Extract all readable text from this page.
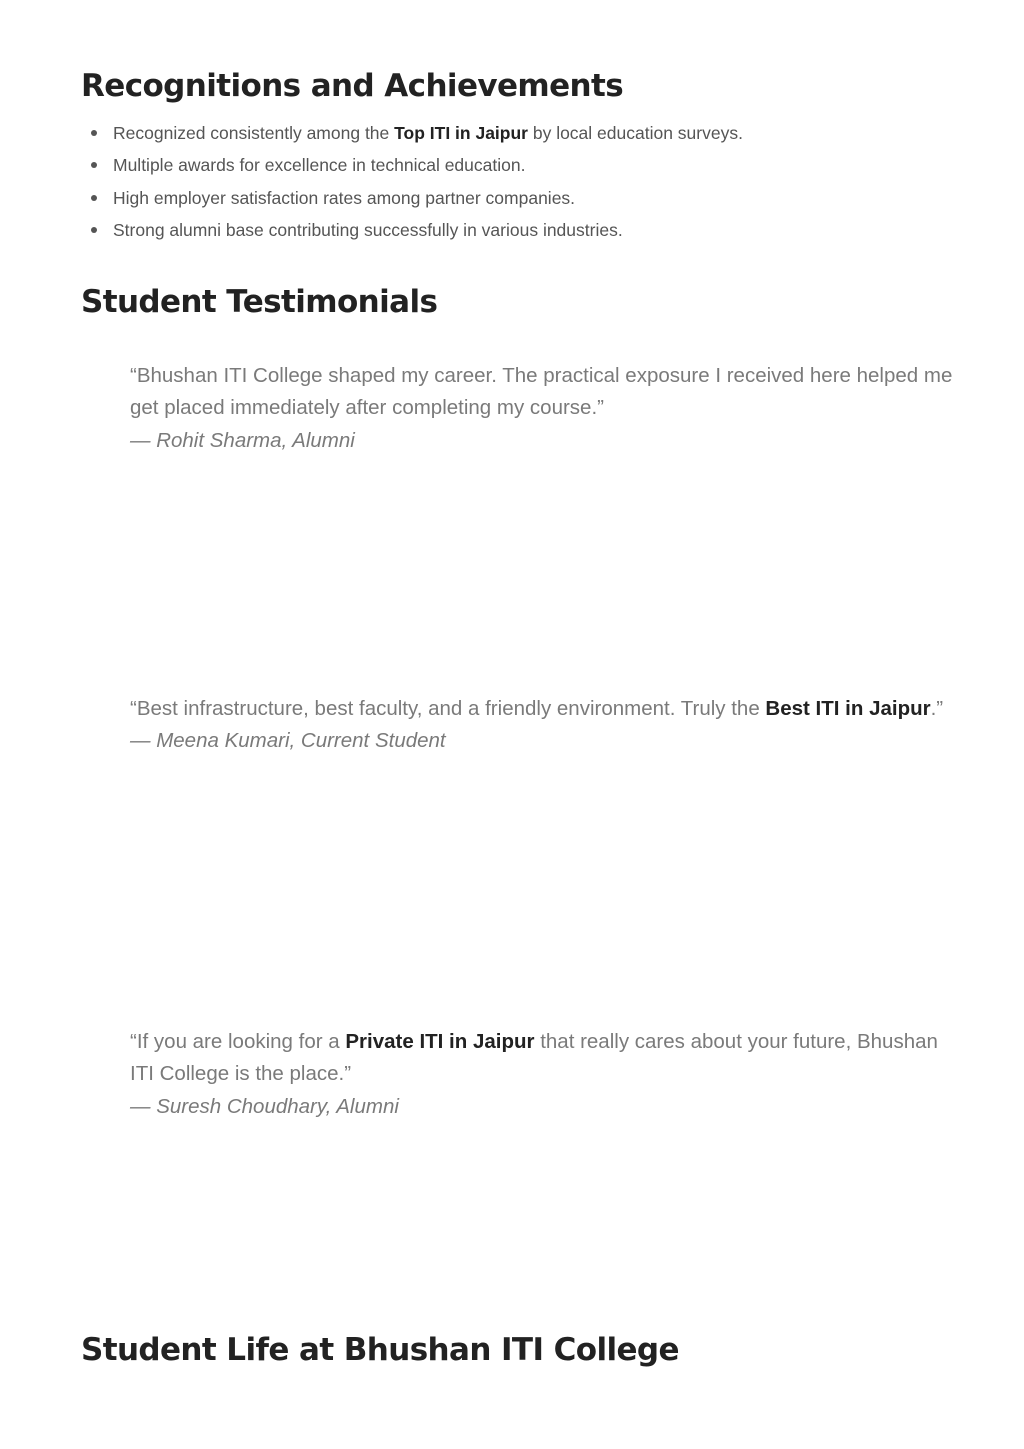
Recognitions and Achievements
Recognized consistently among the Top ITI in Jaipur by local education surveys.
Multiple awards for excellence in technical education.
High employer satisfaction rates among partner companies.
Strong alumni base contributing successfully in various industries.
Student Testimonials

“Bhushan ITI College shaped my career. The practical exposure I received here helped me get placed immediately after completing my course.”

— Rohit Sharma, Alumni

“Best infrastructure, best faculty, and a friendly environment. Truly the Best ITI in Jaipur.”

— Meena Kumari, Current Student

“If you are looking for a Private ITI in Jaipur that really cares about your future, Bhushan ITI College is the place.”

— Suresh Choudhary, Alumni
Student Life at Bhushan ITI College
